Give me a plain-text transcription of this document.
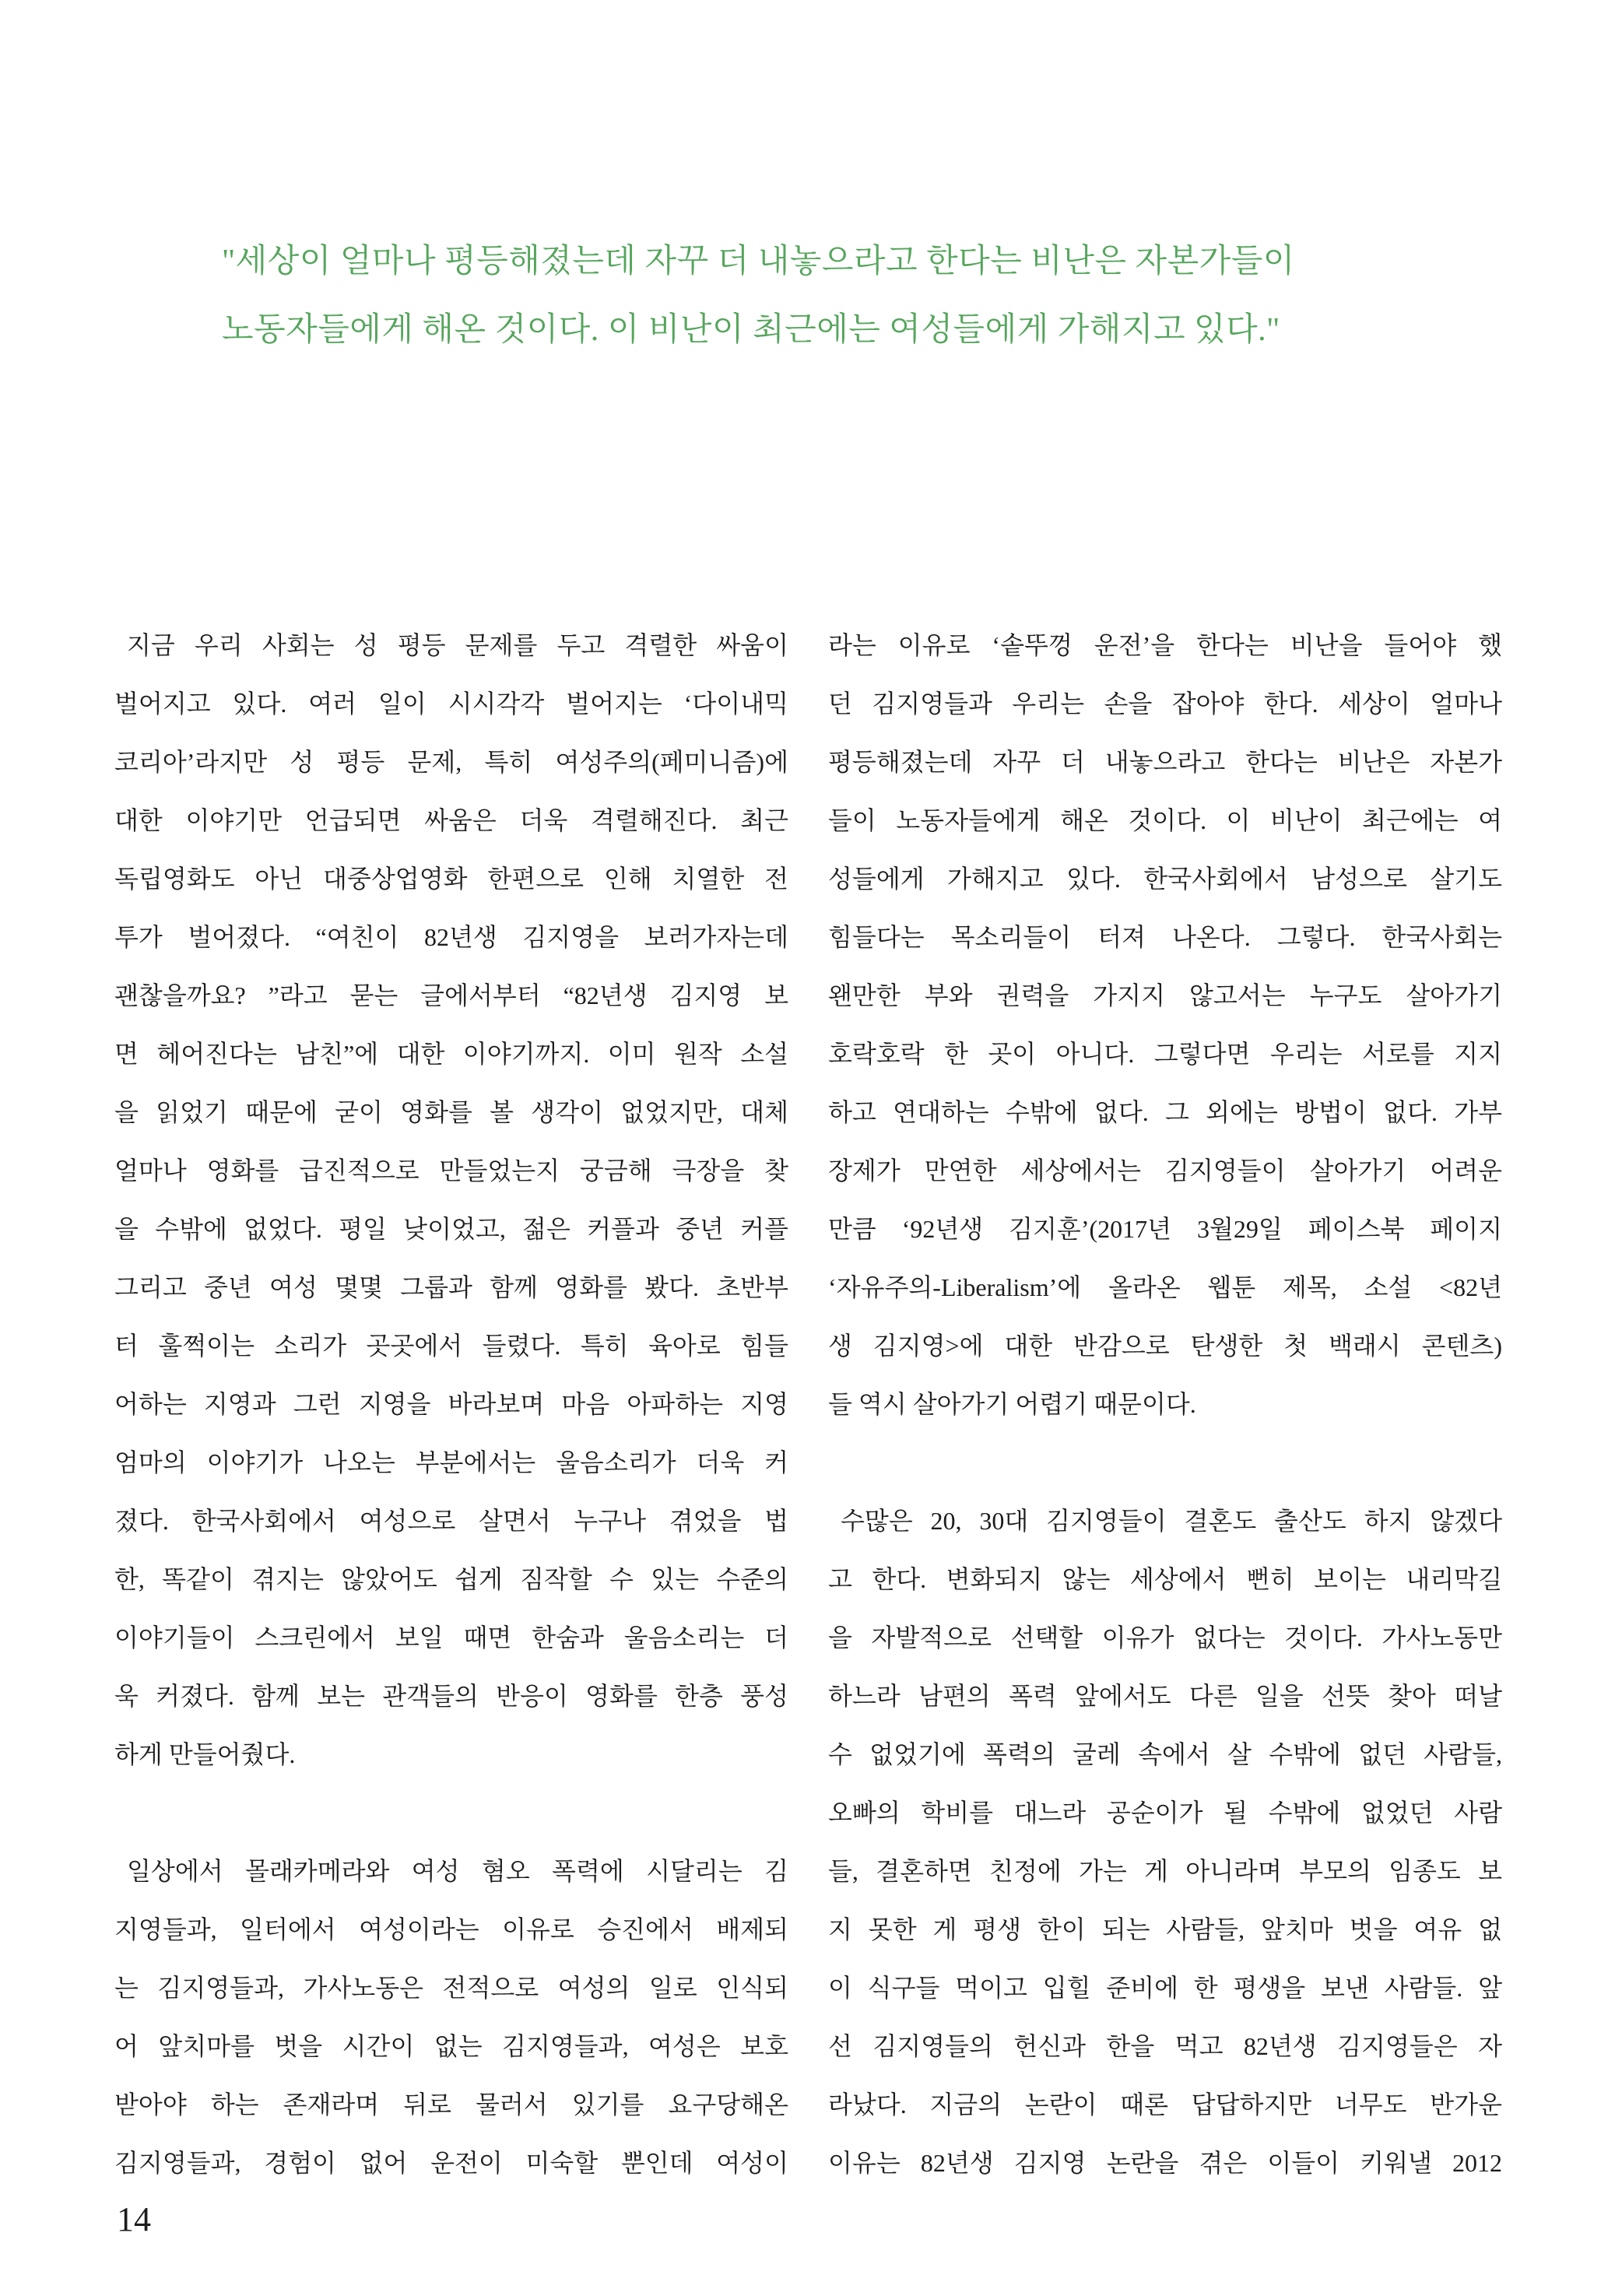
"세상이 얼마나 평등해졌는데 자꾸 더 내놓으라고 한다는 비난은 자본가들이
노동자들에게 해온 것이다. 이 비난이 최근에는 여성들에게 가해지고 있다."
지금 우리 사회는 성 평등 문제를 두고 격렬한 싸움이
벌어지고 있다. 여러 일이 시시각각 벌어지는 ‘다이내믹
코리아’라지만 성 평등 문제, 특히 여성주의(페미니즘)에
대한 이야기만 언급되면 싸움은 더욱 격렬해진다. 최근
독립영화도 아닌 대중상업영화 한편으로 인해 치열한 전
투가 벌어졌다. “여친이 82년생 김지영을 보러가자는데
괜찮을까요? ”라고 묻는 글에서부터 “82년생 김지영 보
면 헤어진다는 남친”에 대한 이야기까지. 이미 원작 소설
을 읽었기 때문에 굳이 영화를 볼 생각이 없었지만, 대체
얼마나 영화를 급진적으로 만들었는지 궁금해 극장을 찾
을 수밖에 없었다. 평일 낮이었고, 젊은 커플과 중년 커플
그리고 중년 여성 몇몇 그룹과 함께 영화를 봤다. 초반부
터 훌쩍이는 소리가 곳곳에서 들렸다. 특히 육아로 힘들
어하는 지영과 그런 지영을 바라보며 마음 아파하는 지영
엄마의 이야기가 나오는 부분에서는 울음소리가 더욱 커
졌다. 한국사회에서 여성으로 살면서 누구나 겪었을 법
한, 똑같이 겪지는 않았어도 쉽게 짐작할 수 있는 수준의
이야기들이 스크린에서 보일 때면 한숨과 울음소리는 더
욱 커졌다. 함께 보는 관객들의 반응이 영화를 한층 풍성
하게 만들어줬다.
일상에서 몰래카메라와 여성 혐오 폭력에 시달리는 김
지영들과, 일터에서 여성이라는 이유로 승진에서 배제되
는 김지영들과, 가사노동은 전적으로 여성의 일로 인식되
어 앞치마를 벗을 시간이 없는 김지영들과, 여성은 보호
받아야 하는 존재라며 뒤로 물러서 있기를 요구당해온
김지영들과, 경험이 없어 운전이 미숙할 뿐인데 여성이
라는 이유로 ‘솥뚜껑 운전’을 한다는 비난을 들어야 했
던 김지영들과 우리는 손을 잡아야 한다. 세상이 얼마나
평등해졌는데 자꾸 더 내놓으라고 한다는 비난은 자본가
들이 노동자들에게 해온 것이다. 이 비난이 최근에는 여
성들에게 가해지고 있다. 한국사회에서 남성으로 살기도
힘들다는 목소리들이 터져 나온다. 그렇다. 한국사회는
왠만한 부와 권력을 가지지 않고서는 누구도 살아가기
호락호락 한 곳이 아니다. 그렇다면 우리는 서로를 지지
하고 연대하는 수밖에 없다. 그 외에는 방법이 없다. 가부
장제가 만연한 세상에서는 김지영들이 살아가기 어려운
만큼 ‘92년생 김지훈’(2017년 3월29일 페이스북 페이지
‘자유주의-Liberalism’에 올라온 웹툰 제목, 소설 <82년
생 김지영>에 대한 반감으로 탄생한 첫 백래시 콘텐츠)
들 역시 살아가기 어렵기 때문이다.
수많은 20, 30대 김지영들이 결혼도 출산도 하지 않겠다
고 한다. 변화되지 않는 세상에서 뻔히 보이는 내리막길
을 자발적으로 선택할 이유가 없다는 것이다. 가사노동만
하느라 남편의 폭력 앞에서도 다른 일을 선뜻 찾아 떠날
수 없었기에 폭력의 굴레 속에서 살 수밖에 없던 사람들,
오빠의 학비를 대느라 공순이가 될 수밖에 없었던 사람
들, 결혼하면 친정에 가는 게 아니라며 부모의 임종도 보
지 못한 게 평생 한이 되는 사람들, 앞치마 벗을 여유 없
이 식구들 먹이고 입힐 준비에 한 평생을 보낸 사람들. 앞
선 김지영들의 헌신과 한을 먹고 82년생 김지영들은 자
라났다. 지금의 논란이 때론 답답하지만 너무도 반가운
이유는 82년생 김지영 논란을 겪은 이들이 키워낼 2012
14
